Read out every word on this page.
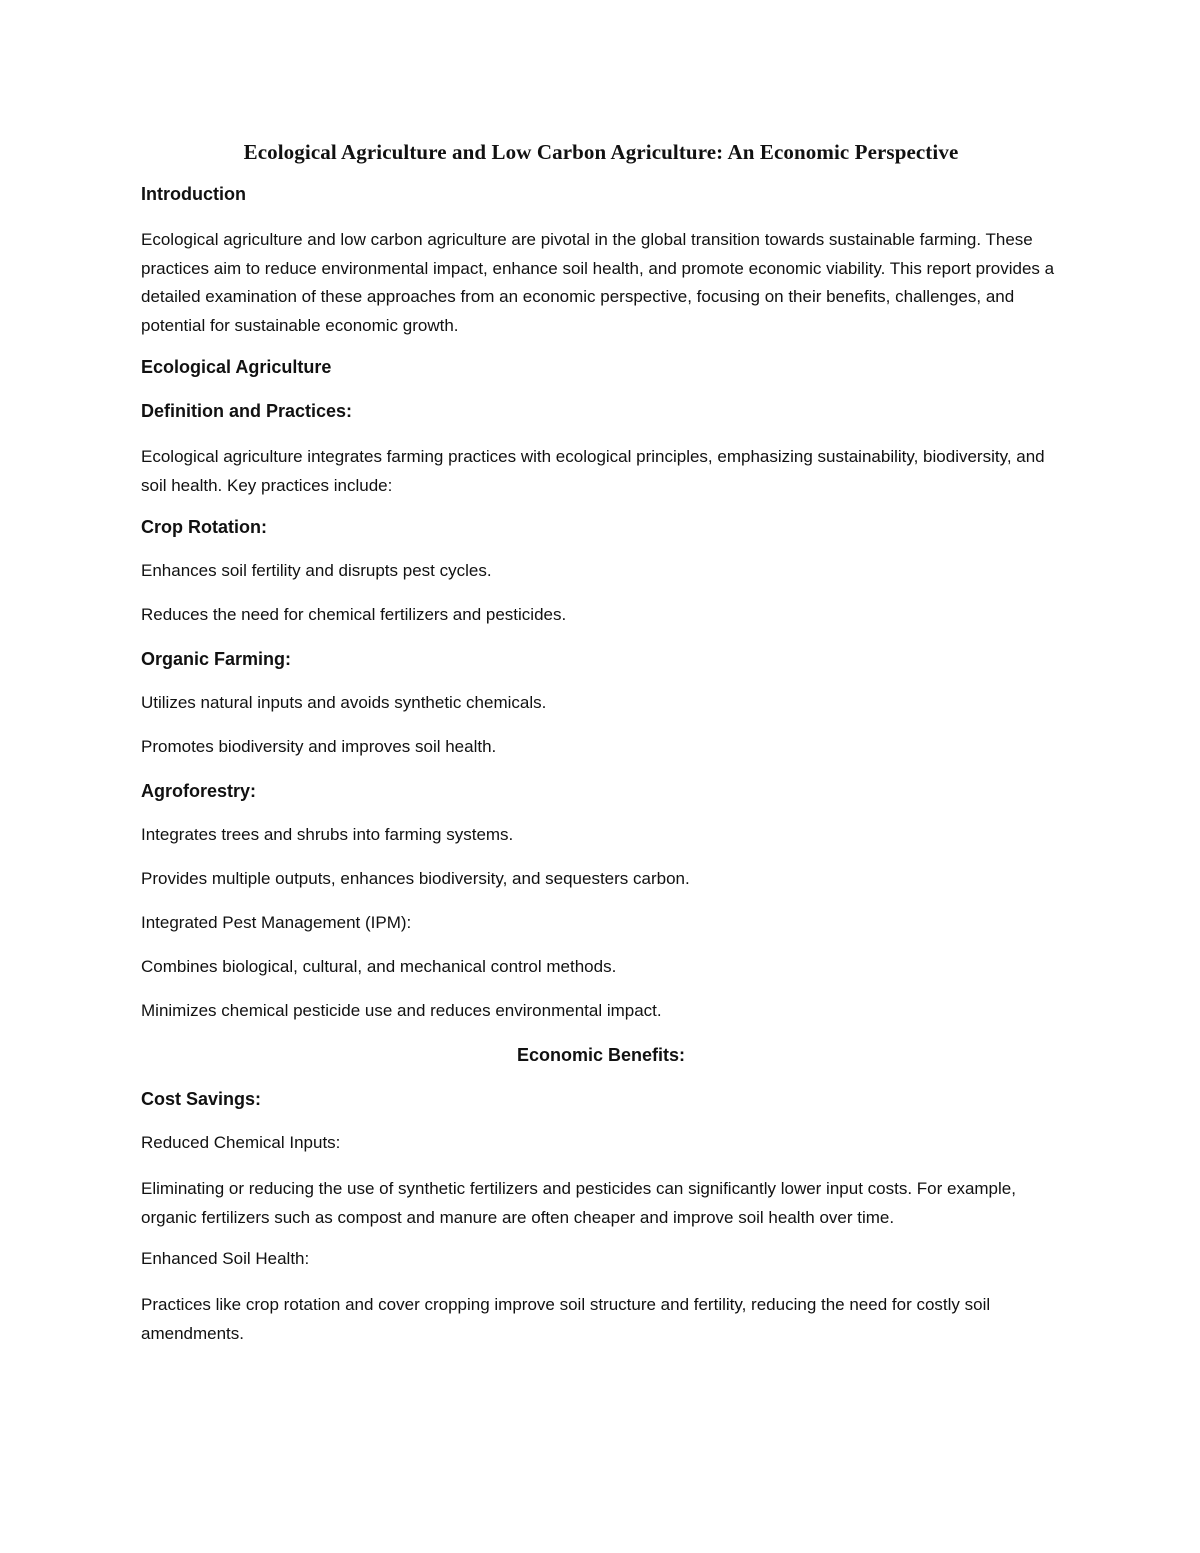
Ecological Agriculture and Low Carbon Agriculture: An Economic Perspective
Introduction
Ecological agriculture and low carbon agriculture are pivotal in the global transition towards sustainable farming. These practices aim to reduce environmental impact, enhance soil health, and promote economic viability. This report provides a detailed examination of these approaches from an economic perspective, focusing on their benefits, challenges, and potential for sustainable economic growth.
Ecological Agriculture
Definition and Practices:
Ecological agriculture integrates farming practices with ecological principles, emphasizing sustainability, biodiversity, and soil health. Key practices include:
Crop Rotation:
Enhances soil fertility and disrupts pest cycles.
Reduces the need for chemical fertilizers and pesticides.
Organic Farming:
Utilizes natural inputs and avoids synthetic chemicals.
Promotes biodiversity and improves soil health.
Agroforestry:
Integrates trees and shrubs into farming systems.
Provides multiple outputs, enhances biodiversity, and sequesters carbon.
Integrated Pest Management (IPM):
Combines biological, cultural, and mechanical control methods.
Minimizes chemical pesticide use and reduces environmental impact.
Economic Benefits:
Cost Savings:
Reduced Chemical Inputs:
Eliminating or reducing the use of synthetic fertilizers and pesticides can significantly lower input costs. For example, organic fertilizers such as compost and manure are often cheaper and improve soil health over time.
Enhanced Soil Health:
Practices like crop rotation and cover cropping improve soil structure and fertility, reducing the need for costly soil amendments.
